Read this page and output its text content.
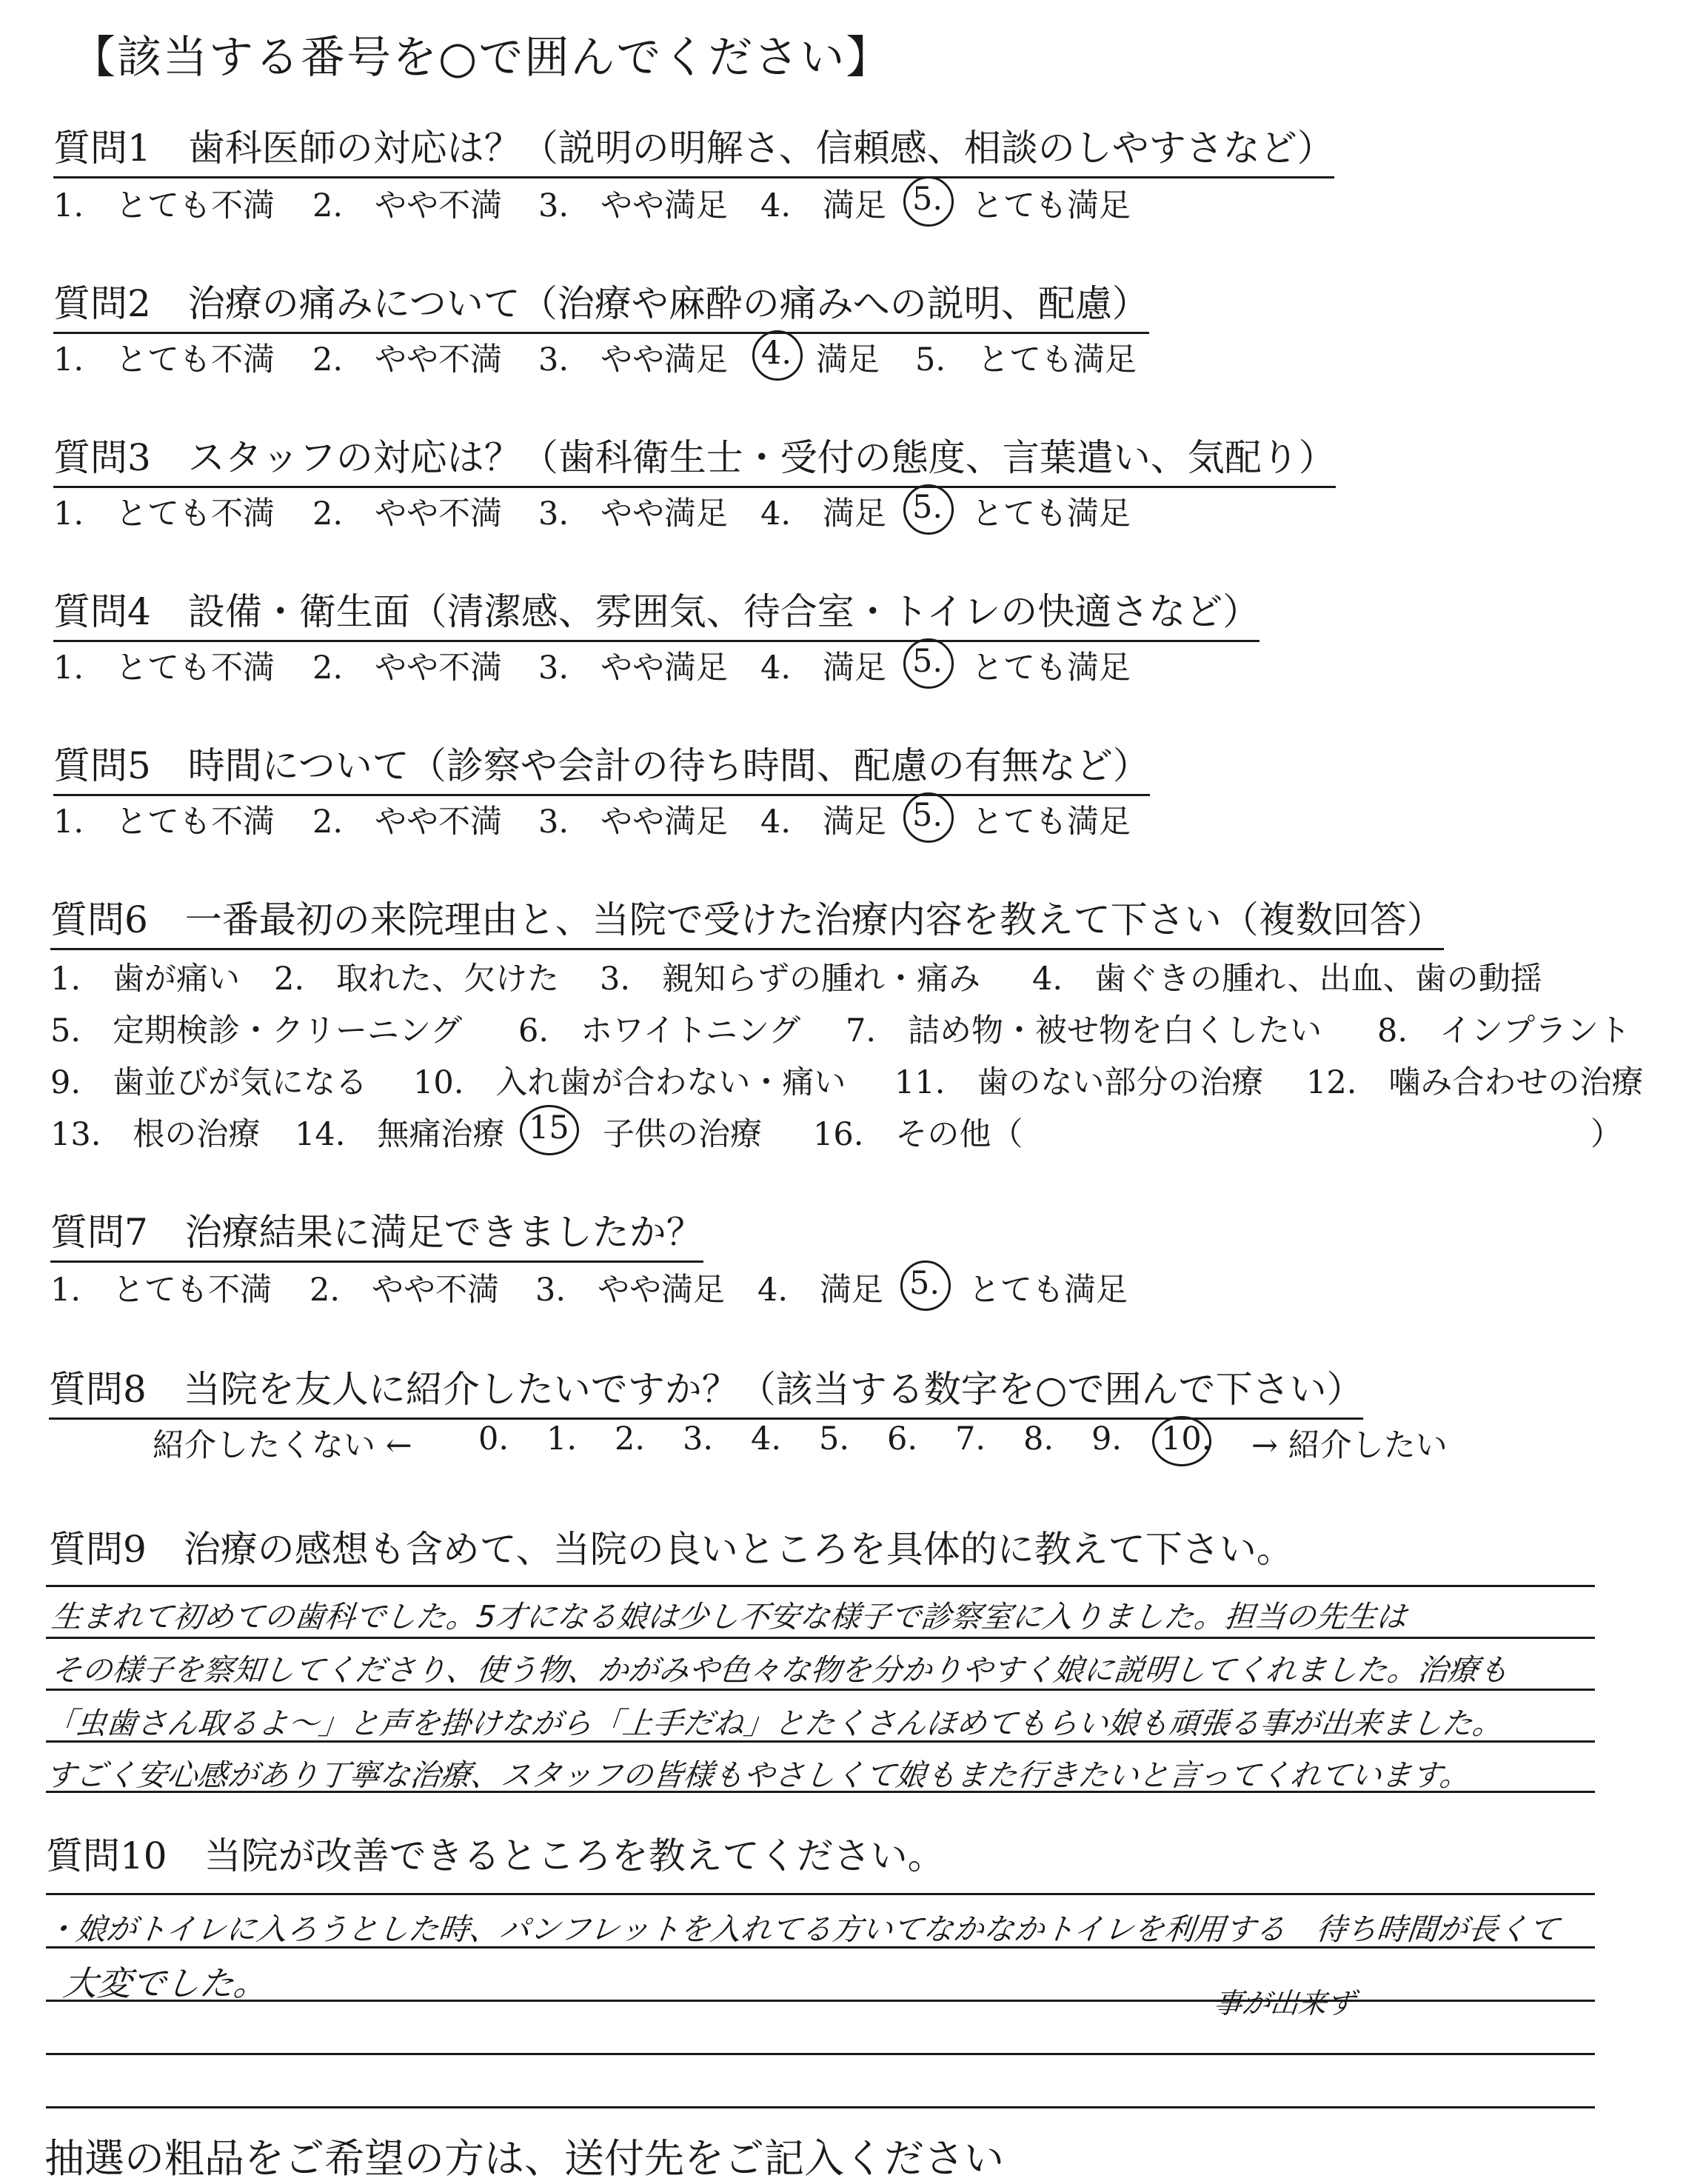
【該当する番号を○で囲んでください】
質問1　歯科医師の対応は？（説明の明解さ、信頼感、相談のしやすさなど）
1.　とても不満 2.　やや不満 3.　やや満足 4.　満足 5. とても満足
質問2　治療の痛みについて（治療や麻酔の痛みへの説明、配慮）
1.　とても不満 2.　やや不満 3.　やや満足 4. 満足 5.　とても満足
質問3　スタッフの対応は？（歯科衛生士・受付の態度、言葉遣い、気配り）
1.　とても不満 2.　やや不満 3.　やや満足 4.　満足 5. とても満足
質問4　設備・衛生面（清潔感、雰囲気、待合室・トイレの快適さなど）
1.　とても不満 2.　やや不満 3.　やや満足 4.　満足 5. とても満足
質問5　時間について（診察や会計の待ち時間、配慮の有無など）
1.　とても不満 2.　やや不満 3.　やや満足 4.　満足 5. とても満足
質問6　一番最初の来院理由と、当院で受けた治療内容を教えて下さい（複数回答）
1.　歯が痛い 2.　取れた、欠けた 3.　親知らずの腫れ・痛み 4.　歯ぐきの腫れ、出血、歯の動揺
5.　定期検診・クリーニング 6.　ホワイトニング 7.　詰め物・被せ物を白くしたい 8.　インプラント
9.　歯並びが気になる 10.　入れ歯が合わない・痛い 11.　歯のない部分の治療 12.　噛み合わせの治療
13.　根の治療 14.　無痛治療 15 子供の治療 16.　その他（	）
質問7　治療結果に満足できましたか？
1.　とても不満 2.　やや不満 3.　やや満足 4.　満足 5. とても満足
質問8　当院を友人に紹介したいですか？（該当する数字を○で囲んで下さい）
紹介したくない ← 0. 1. 2. 3. 4. 5. 6. 7. 8. 9. 10. → 紹介したい
質問9　治療の感想も含めて、当院の良いところを具体的に教えて下さい。
生まれて初めての歯科でした。5才になる娘は少し不安な様子で診察室に入りました。担当の先生は
その様子を察知してくださり、使う物、かがみや色々な物を分かりやすく娘に説明してくれました。治療も
「虫歯さん取るよ～」と声を掛けながら「上手だね」とたくさんほめてもらい娘も頑張る事が出来ました。
すごく安心感があり丁寧な治療、スタッフの皆様もやさしくて娘もまた行きたいと言ってくれています。
質問10　当院が改善できるところを教えてください。
・娘がトイレに入ろうとした時、パンフレットを入れてる方いてなかなかトイレを利用する　待ち時間が長くて
大変でした。	事が出来ず
抽選の粗品をご希望の方は、送付先をご記入ください
